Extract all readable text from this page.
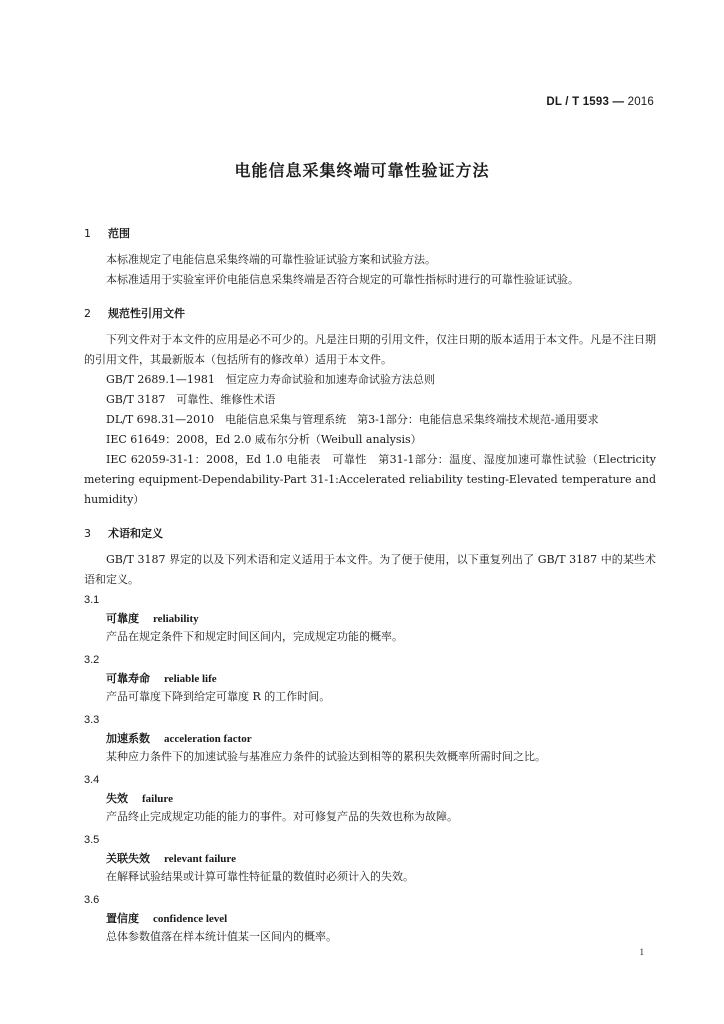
DL / T 1593 — 2016
电能信息采集终端可靠性验证方法
1 范围

本标准规定了电能信息采集终端的可靠性验证试验方案和试验方法。

本标准适用于实验室评价电能信息采集终端是否符合规定的可靠性指标时进行的可靠性验证试验。

2 规范性引用文件

下列文件对于本文件的应用是必不可少的。凡是注日期的引用文件，仅注日期的版本适用于本文件。凡是不注日期的引用文件，其最新版本（包括所有的修改单）适用于本文件。

GB/T 2689.1—1981　恒定应力寿命试验和加速寿命试验方法总则

GB/T 3187　可靠性、维修性术语

DL/T 698.31—2010　电能信息采集与管理系统　第3-1部分：电能信息采集终端技术规范-通用要求

IEC 61649：2008，Ed 2.0 威布尔分析（Weibull analysis）

IEC 62059-31-1：2008，Ed 1.0 电能表　可靠性　第31-1部分：温度、湿度加速可靠性试验（Electricity metering equipment-Dependability-Part 31-1:Accelerated reliability testing-Elevated temperature and humidity）

3 术语和定义

GB/T 3187 界定的以及下列术语和定义适用于本文件。为了便于使用，以下重复列出了 GB/T 3187 中的某些术语和定义。

3.1
可靠度 reliability
产品在规定条件下和规定时间区间内，完成规定功能的概率。
3.2
可靠寿命 reliable life
产品可靠度下降到给定可靠度 R 的工作时间。
3.3
加速系数 acceleration factor
某种应力条件下的加速试验与基准应力条件的试验达到相等的累积失效概率所需时间之比。
3.4
失效 failure
产品终止完成规定功能的能力的事件。对可修复产品的失效也称为故障。
3.5
关联失效 relevant failure
在解释试验结果或计算可靠性特征量的数值时必须计入的失效。
3.6
置信度 confidence level
总体参数值落在样本统计值某一区间内的概率。
1
